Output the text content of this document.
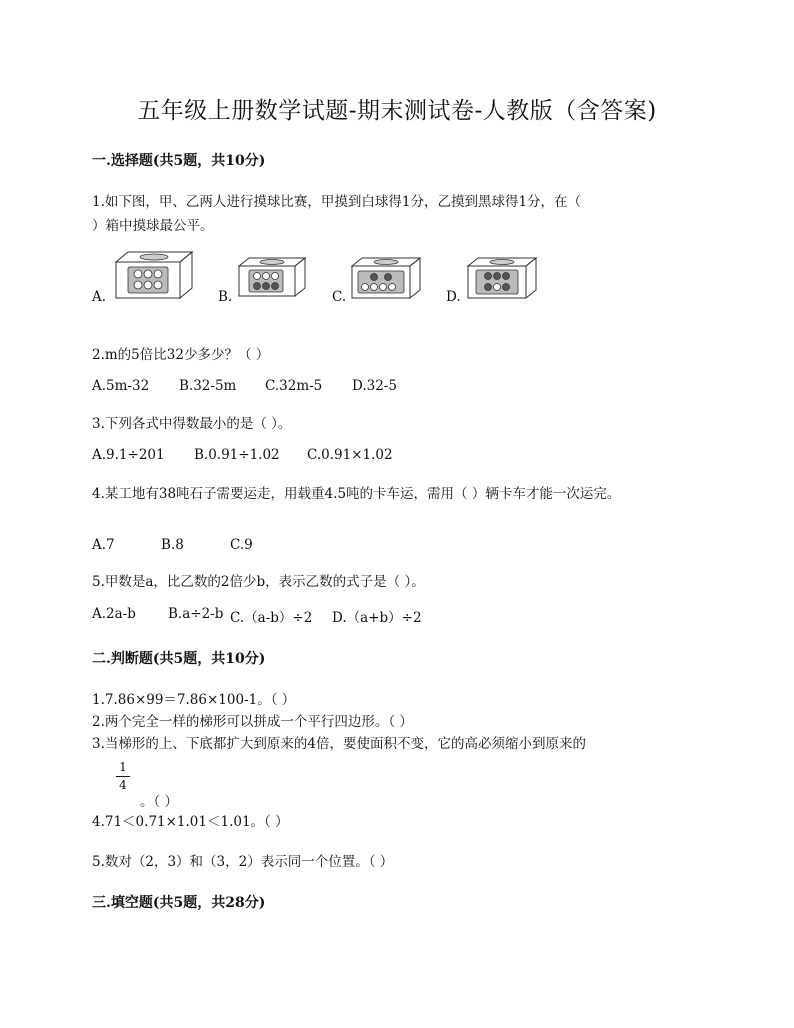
五年级上册数学试题-期末测试卷-人教版（含答案)
一.选择题(共5题，共10分)
1.如下图，甲、乙两人进行摸球比赛，甲摸到白球得1分，乙摸到黑球得1分，在（
）箱中摸球最公平。
A.	B.	C.	D.
2.m的5倍比32少多少？（ ）
A.5m-32 B.32-5m C.32m-5 D.32-5
3.下列各式中得数最小的是（ ）。
A.9.1÷201 B.0.91÷1.02 C.0.91×1.02
4.某工地有38吨石子需要运走，用载重4.5吨的卡车运，需用（ ）辆卡车才能一次运完。
A.7	B.8	C.9
5.甲数是a，比乙数的2倍少b，表示乙数的式子是（ ）。
A.2a-b B.a÷2-b C.（a-b）÷2 D.（a+b）÷2
二.判断题(共5题，共10分)
1.7.86×99＝7.86×100-1。（ ）
2.两个完全一样的梯形可以拼成一个平行四边形。（ ）
3.当梯形的上、下底都扩大到原来的4倍，要使面积不变，它的高必须缩小到原来的
1
4
。（ ）
4.71＜0.71×1.01＜1.01。（ ）
5.数对（2，3）和（3，2）表示同一个位置。（ ）
三.填空题(共5题，共28分)
